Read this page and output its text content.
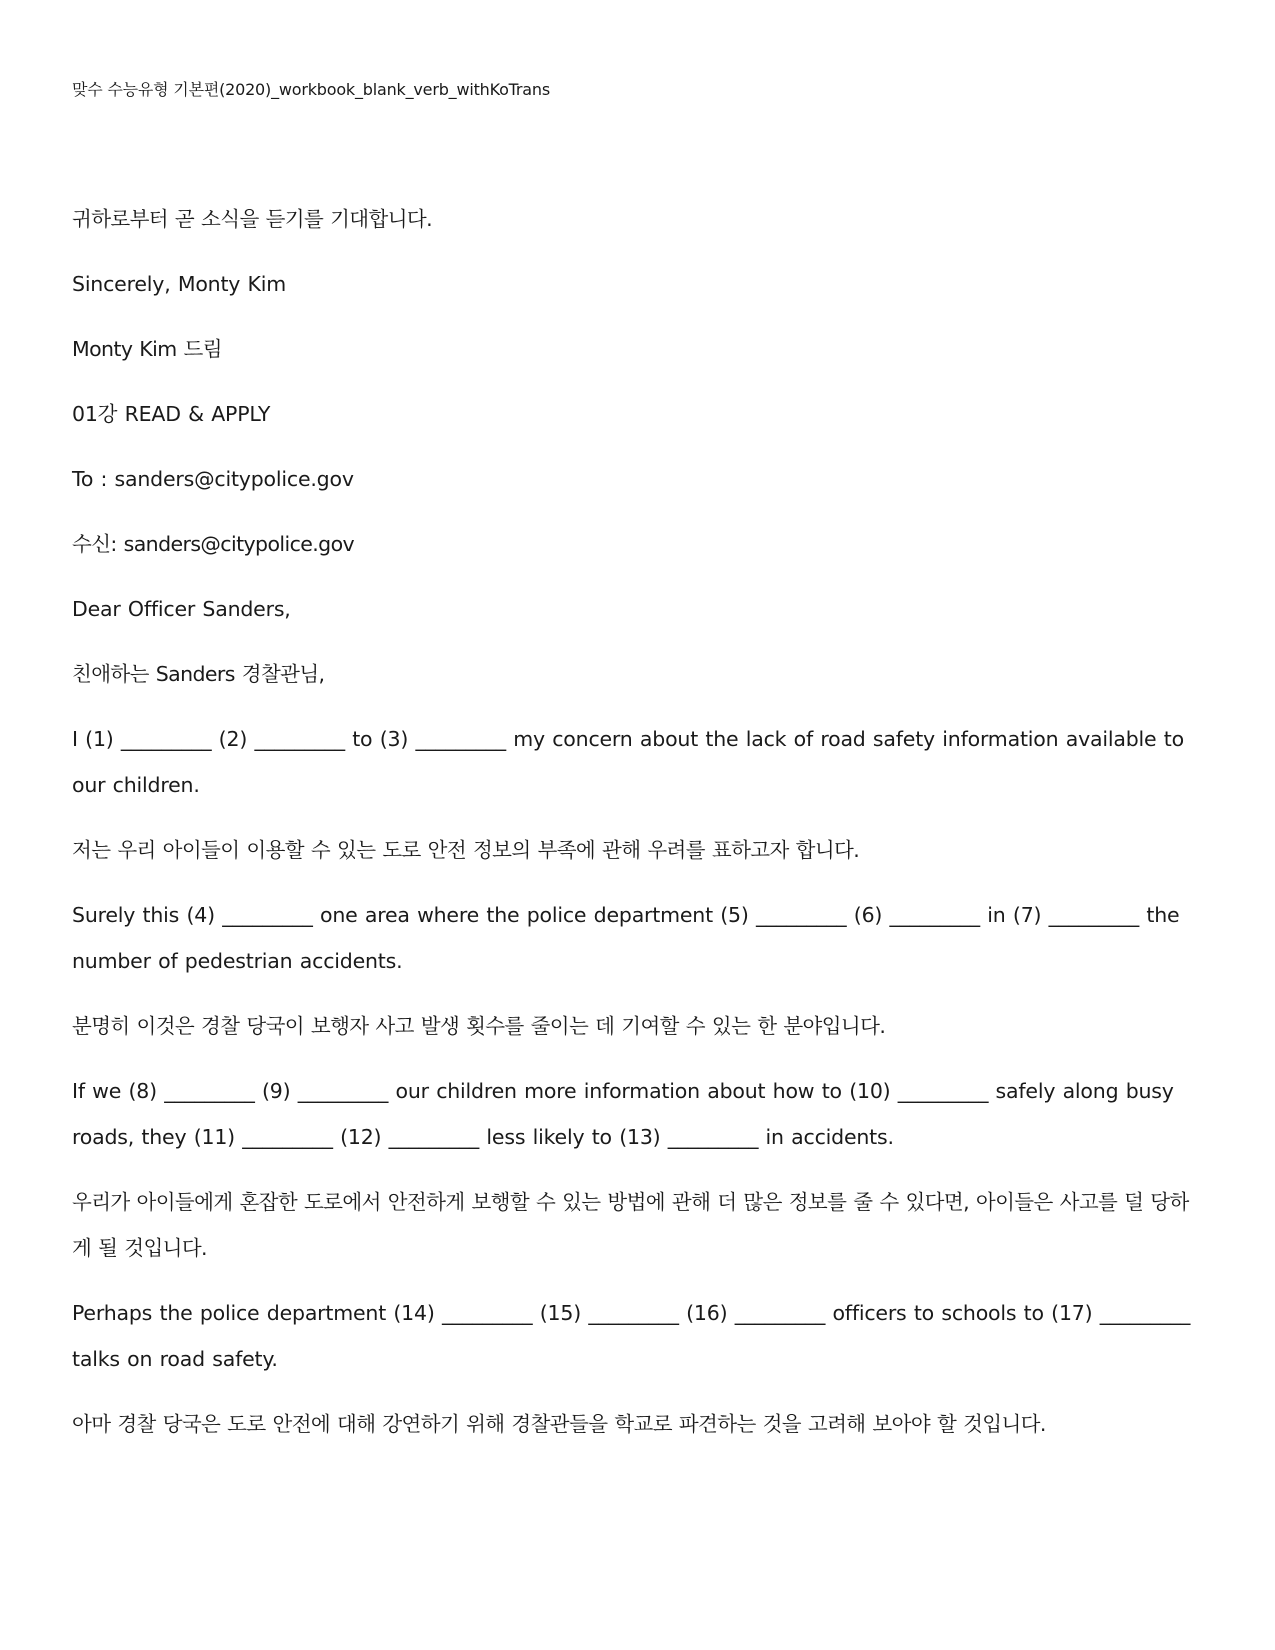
맞수 수능유형 기본편(2020)_workbook_blank_verb_withKoTrans

귀하로부터 곧 소식을 듣기를 기대합니다.

Sincerely, Monty Kim

Monty Kim 드림

01강 READ & APPLY

To : sanders@citypolice.gov

수신: sanders@citypolice.gov

Dear Officer Sanders,

친애하는 Sanders 경찰관님,

I (1) _________ (2) _________ to (3) _________ my concern about the lack of road safety information available to our children.

저는 우리 아이들이 이용할 수 있는 도로 안전 정보의 부족에 관해 우려를 표하고자 합니다.

Surely this (4) _________ one area where the police department (5) _________ (6) _________ in (7) _________ the number of pedestrian accidents.

분명히 이것은 경찰 당국이 보행자 사고 발생 횟수를 줄이는 데 기여할 수 있는 한 분야입니다.

If we (8) _________ (9) _________ our children more information about how to (10) _________ safely along busy roads, they (11) _________ (12) _________ less likely to (13) _________ in accidents.

우리가 아이들에게 혼잡한 도로에서 안전하게 보행할 수 있는 방법에 관해 더 많은 정보를 줄 수 있다면, 아이들은 사고를 덜 당하게 될 것입니다.

Perhaps the police department (14) _________ (15) _________ (16) _________ officers to schools to (17) _________ talks on road safety.

아마 경찰 당국은 도로 안전에 대해 강연하기 위해 경찰관들을 학교로 파견하는 것을 고려해 보아야 할 것입니다.
